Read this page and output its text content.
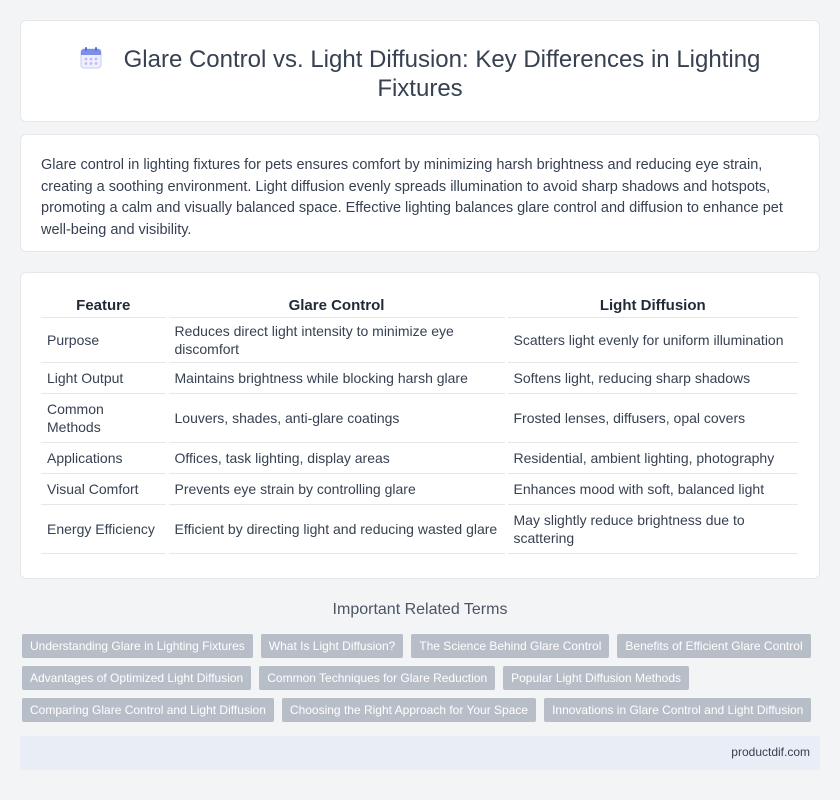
Glare Control vs. Light Diffusion: Key Differences in Lighting Fixtures

Glare control in lighting fixtures for pets ensures comfort by minimizing harsh brightness and reducing eye strain, creating a soothing environment. Light diffusion evenly spreads illumination to avoid sharp shadows and hotspots, promoting a calm and visually balanced space. Effective lighting balances glare control and diffusion to enhance pet well-being and visibility.

Feature	Glare Control	Light Diffusion
Purpose	Reduces direct light intensity to minimize eye discomfort	Scatters light evenly for uniform illumination
Light Output	Maintains brightness while blocking harsh glare	Softens light, reducing sharp shadows
Common Methods	Louvers, shades, anti-glare coatings	Frosted lenses, diffusers, opal covers
Applications	Offices, task lighting, display areas	Residential, ambient lighting, photography
Visual Comfort	Prevents eye strain by controlling glare	Enhances mood with soft, balanced light
Energy Efficiency	Efficient by directing light and reducing wasted glare	May slightly reduce brightness due to scattering
Important Related Terms
Understanding Glare in Lighting Fixtures	What Is Light Diffusion?	The Science Behind Glare Control	Benefits of Efficient Glare Control
Advantages of Optimized Light Diffusion	Common Techniques for Glare Reduction	Popular Light Diffusion Methods
Comparing Glare Control and Light Diffusion	Choosing the Right Approach for Your Space	Innovations in Glare Control and Light Diffusion
productdif.com
